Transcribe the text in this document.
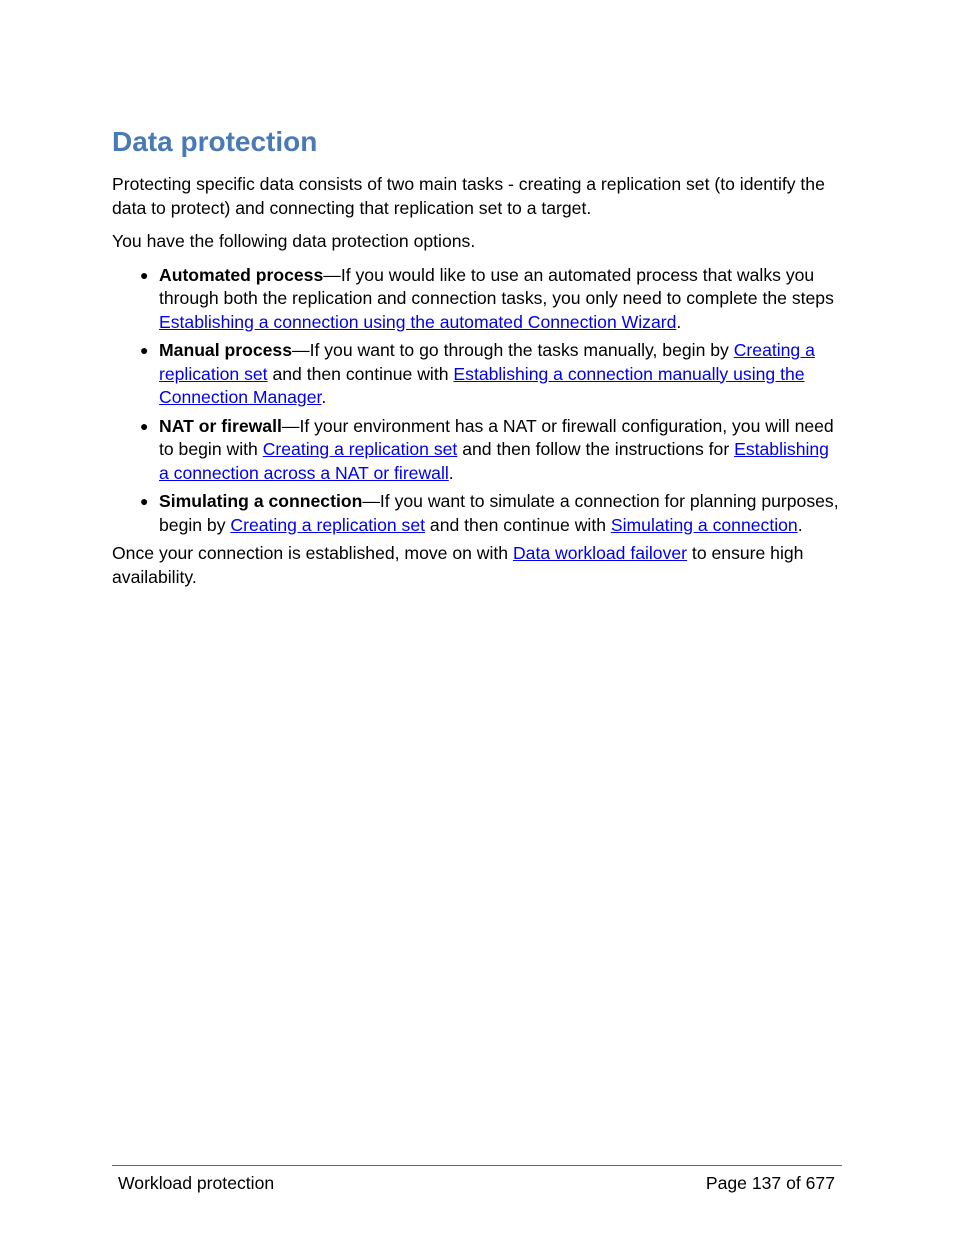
Data protection

Protecting specific data consists of two main tasks - creating a replication set (to identify the data to protect) and connecting that replication set to a target.

You have the following data protection options.

● Automated process—If you would like to use an automated process that walks you through both the replication and connection tasks, you only need to complete the steps Establishing a connection using the automated Connection Wizard.
● Manual process—If you want to go through the tasks manually, begin by Creating a replication set and then continue with Establishing a connection manually using the Connection Manager.
● NAT or firewall—If your environment has a NAT or firewall configuration, you will need to begin with Creating a replication set and then follow the instructions for Establishing a connection across a NAT or firewall.
● Simulating a connection—If you want to simulate a connection for planning purposes, begin by Creating a replication set and then continue with Simulating a connection.

Once your connection is established, move on with Data workload failover to ensure high availability.

Workload protection	Page 137 of 677
